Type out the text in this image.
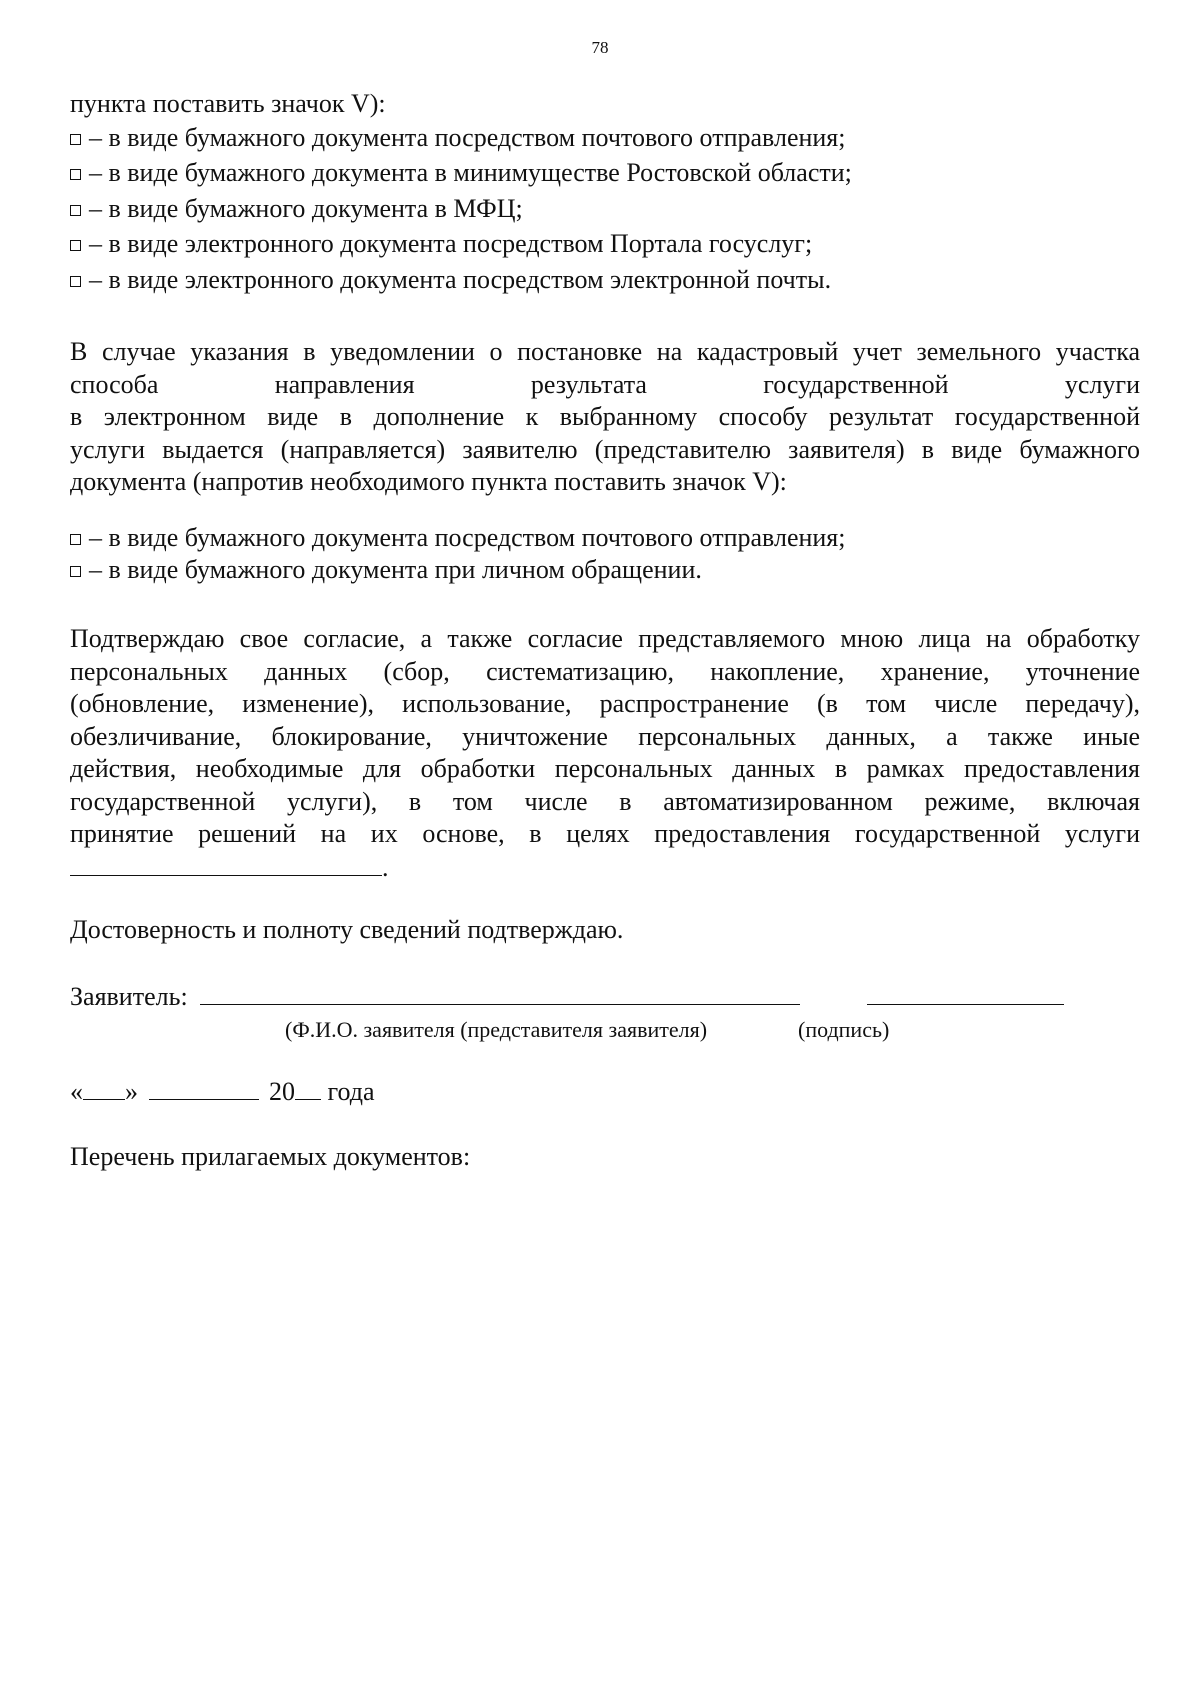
78
пункта поставить значок V):
– в виде бумажного документа посредством почтового отправления;
– в виде бумажного документа в минимуществе Ростовской области;
– в виде бумажного документа в МФЦ;
– в виде электронного документа посредством Портала госуслуг;
– в виде электронного документа посредством электронной почты.
В случае указания в уведомлении о постановке на кадастровый учет земельного участка
способа направления результата государственной услуги
в электронном виде в дополнение к выбранному способу результат государственной
услуги выдается (направляется) заявителю (представителю заявителя) в виде бумажного
документа (напротив необходимого пункта поставить значок V):
– в виде бумажного документа посредством почтового отправления;
– в виде бумажного документа при личном обращении.
Подтверждаю свое согласие, а также согласие представляемого мною лица на обработку
персональных данных (сбор, систематизацию, накопление, хранение, уточнение
(обновление, изменение), использование, распространение (в том числе передачу),
обезличивание, блокирование, уничтожение персональных данных, а также иные
действия, необходимые для обработки персональных данных в рамках предоставления
государственной услуги), в том числе в автоматизированном режиме, включая
принятие решений на их основе, в целях предоставления государственной услуги
.
Достоверность и полноту сведений подтверждаю.
Заявитель:
(Ф.И.О. заявителя (представителя заявителя)	(подпись)
« »	20 года
Перечень прилагаемых документов:
